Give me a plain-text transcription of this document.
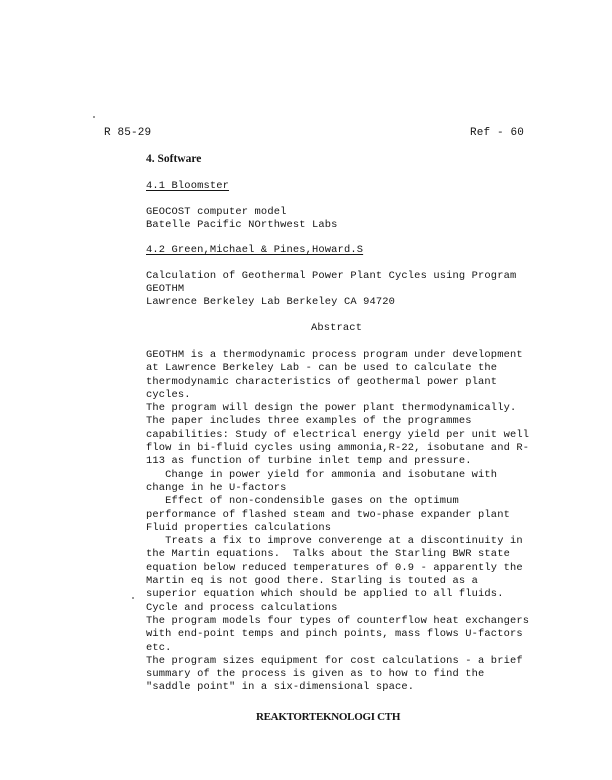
R 85-29	Ref - 60
4. Software
4.1 Bloomster
GEOCOST computer model
Batelle Pacific NOrthwest Labs
4.2 Green,Michael & Pines,Howard.S
Calculation of Geothermal Power Plant Cycles using Program
GEOTHM
Lawrence Berkeley Lab Berkeley CA 94720
Abstract
GEOTHM is a thermodynamic process program under development
at Lawrence Berkeley Lab - can be used to calculate the
thermodynamic characteristics of geothermal power plant
cycles.
The program will design the power plant thermodynamically.
The paper includes three examples of the programmes
capabilities: Study of electrical energy yield per unit well
flow in bi-fluid cycles using ammonia,R-22, isobutane and R-
113 as function of turbine inlet temp and pressure.
Change in power yield for ammonia and isobutane with
change in he U-factors
Effect of non-condensible gases on the optimum
performance of flashed steam and two-phase expander plant
Fluid properties calculations
Treats a fix to improve converenge at a discontinuity in
the Martin equations.  Talks about the Starling BWR state
equation below reduced temperatures of 0.9 - apparently the
Martin eq is not good there. Starling is touted as a
superior equation which should be applied to all fluids.
Cycle and process calculations
The program models four types of counterflow heat exchangers
with end-point temps and pinch points, mass flows U-factors
etc.
The program sizes equipment for cost calculations - a brief
summary of the process is given as to how to find the
"saddle point" in a six-dimensional space.
REAKTORTEKNOLOGI CTH
